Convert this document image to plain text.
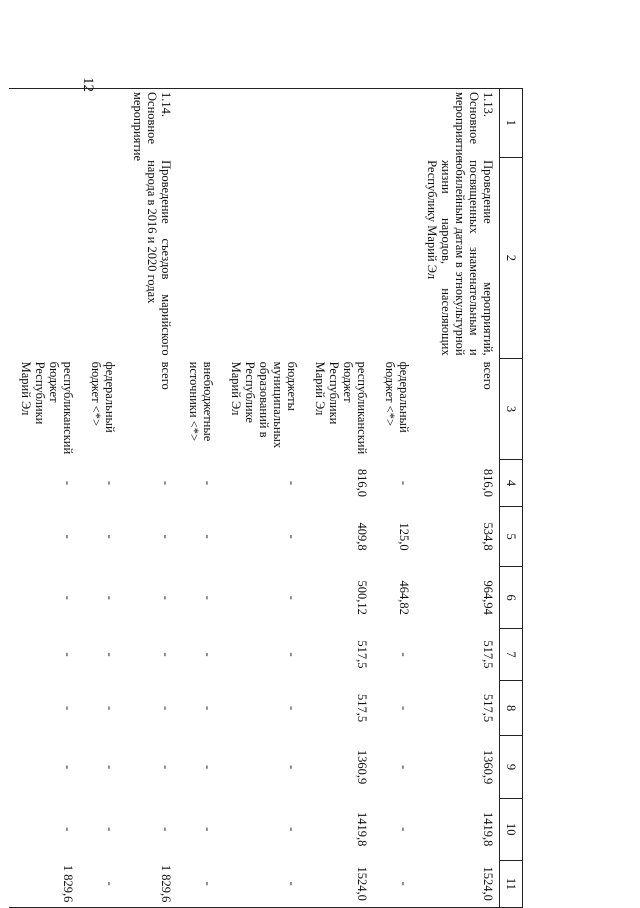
12
1	2	3	4	5	6	7	8	9	10	11
1.13. Основное мероприятие	Проведение мероприятий, посвященных знаменательным и юбилейным датам в этнокультурной жизни народов, населяющих Республику Марий Эл	всего	816,0	534,8	964,94	517,5	517,5	1360,9	1419,8	1524,0
		федеральный бюджет <*>	-	125,0	464,82	-	-	-	-	-
		республиканский бюджет Республики Марий Эл	816,0	409,8	500,12	517,5	517,5	1360,9	1419,8	1524,0
		бюджеты муниципальных образований в Республике Марий Эл	-	-	-	-	-	-	-	-
		внебюджетные источники <*>	-	-	-	-	-	-	-	-
1.14. Основное мероприятие	Проведение съездов марийского народа в 2016 и 2020 годах	всего	-	-	-	-	-	-	-	1 829,6
		федеральный бюджет <*>	-	-	-	-	-	-	-	-
		республиканский бюджет Республики Марий Эл	-	-	-	-	-	-	-	1 829,6
